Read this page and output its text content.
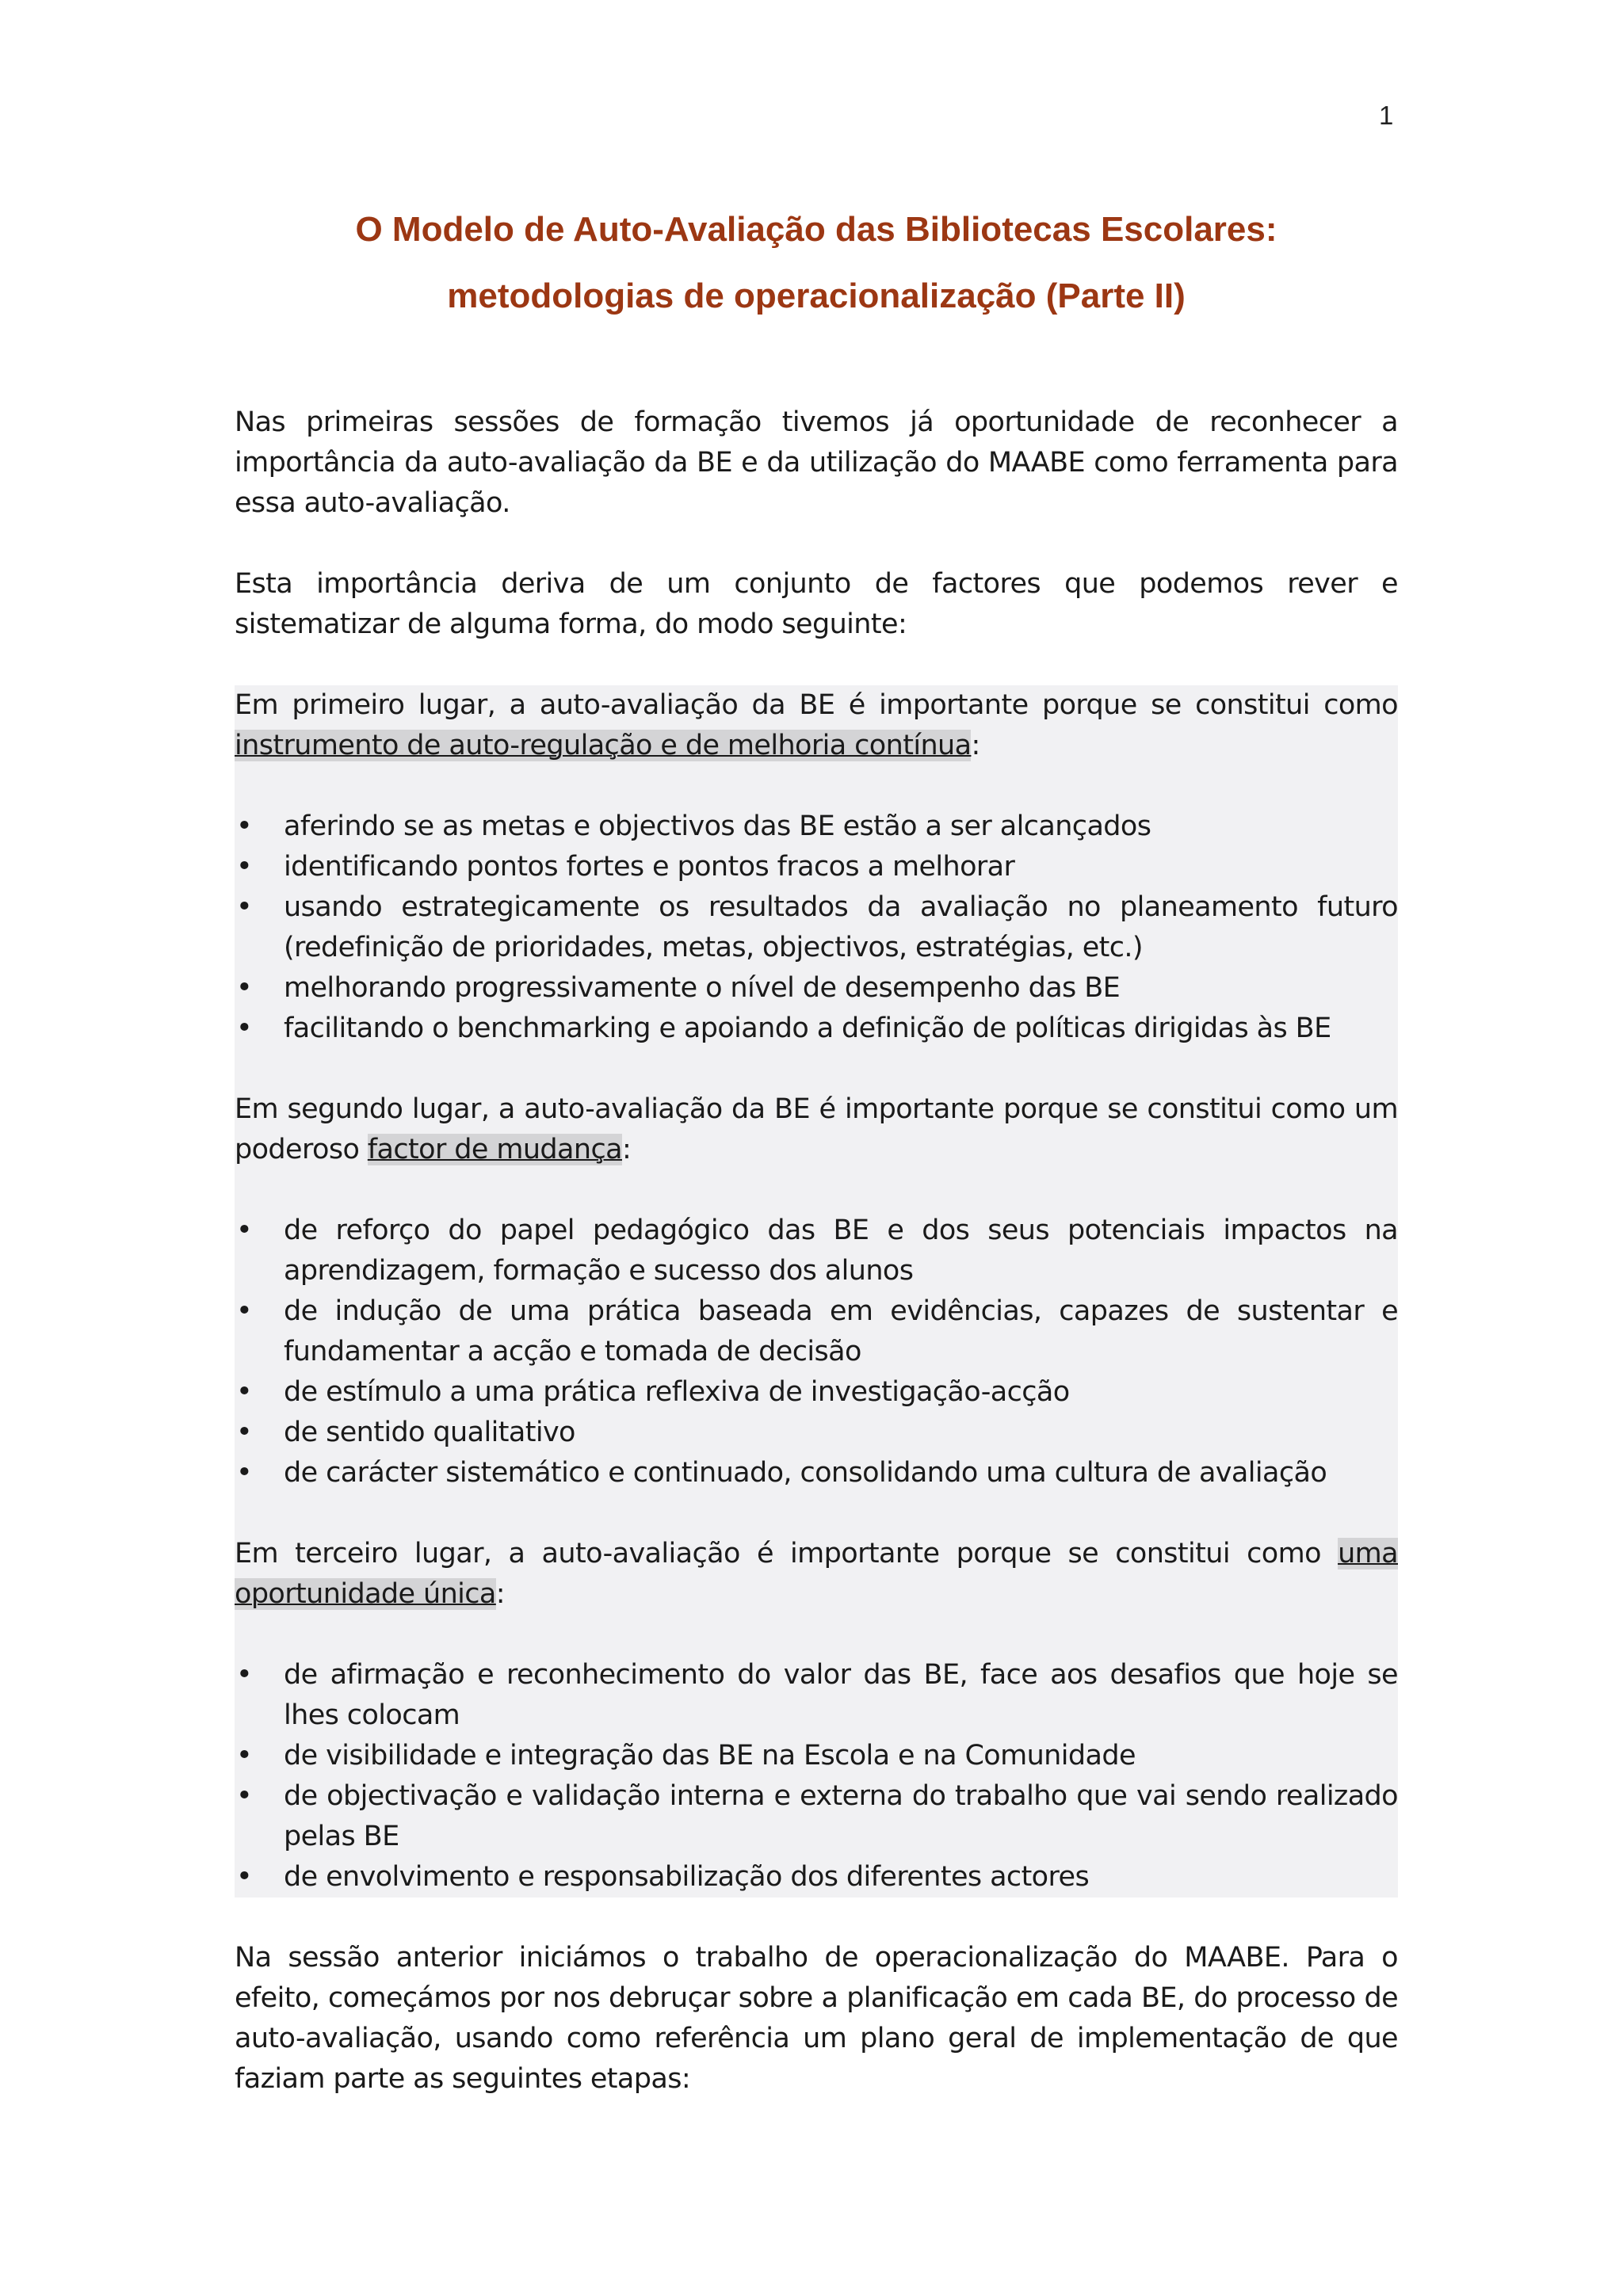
1
O Modelo de Auto-Avaliação das Bibliotecas Escolares:
metodologias de operacionalização (Parte II)

Nas primeiras sessões de formação tivemos já oportunidade de reconhecer a importância da auto-avaliação da BE e da utilização do MAABE como ferramenta para essa auto-avaliação.

Esta importância deriva de um conjunto de factores que podemos rever e sistematizar de alguma forma, do modo seguinte:

Em primeiro lugar, a auto-avaliação da BE é importante porque se constitui como instrumento de auto-regulação e de melhoria contínua:

• aferindo se as metas e objectivos das BE estão a ser alcançados
• identificando pontos fortes e pontos fracos a melhorar
• usando estrategicamente os resultados da avaliação no planeamento futuro (redefinição de prioridades, metas, objectivos, estratégias, etc.)
• melhorando progressivamente o nível de desempenho das BE
• facilitando o benchmarking e apoiando a definição de políticas dirigidas às BE

Em segundo lugar, a auto-avaliação da BE é importante porque se constitui como um poderoso factor de mudança:

• de reforço do papel pedagógico das BE e dos seus potenciais impactos na aprendizagem, formação e sucesso dos alunos
• de indução de uma prática baseada em evidências, capazes de sustentar e fundamentar a acção e tomada de decisão
• de estímulo a uma prática reflexiva de investigação-acção
• de sentido qualitativo
• de carácter sistemático e continuado, consolidando uma cultura de avaliação

Em terceiro lugar, a auto-avaliação é importante porque se constitui como uma oportunidade única:

• de afirmação e reconhecimento do valor das BE, face aos desafios que hoje se lhes colocam
• de visibilidade e integração das BE na Escola e na Comunidade
• de objectivação e validação interna e externa do trabalho que vai sendo realizado pelas BE
• de envolvimento e responsabilização dos diferentes actores

Na sessão anterior iniciámos o trabalho de operacionalização do MAABE. Para o efeito, começámos por nos debruçar sobre a planificação em cada BE, do processo de auto-avaliação, usando como referência um plano geral de implementação de que faziam parte as seguintes etapas:
